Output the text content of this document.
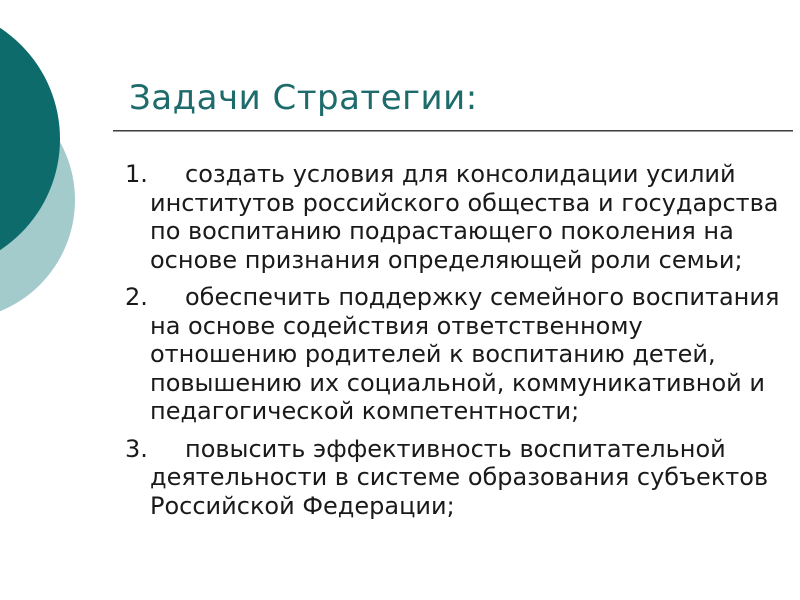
Задачи Стратегии:
1. создать условия для консолидации усилий
институтов российского общества и государства
по воспитанию подрастающего поколения на
основе признания определяющей роли семьи;
2. обеспечить поддержку семейного воспитания
на основе содействия ответственному
отношению родителей к воспитанию детей,
повышению их социальной, коммуникативной и
педагогической компетентности;
3. повысить эффективность воспитательной
деятельности в системе образования субъектов
Российской Федерации;
